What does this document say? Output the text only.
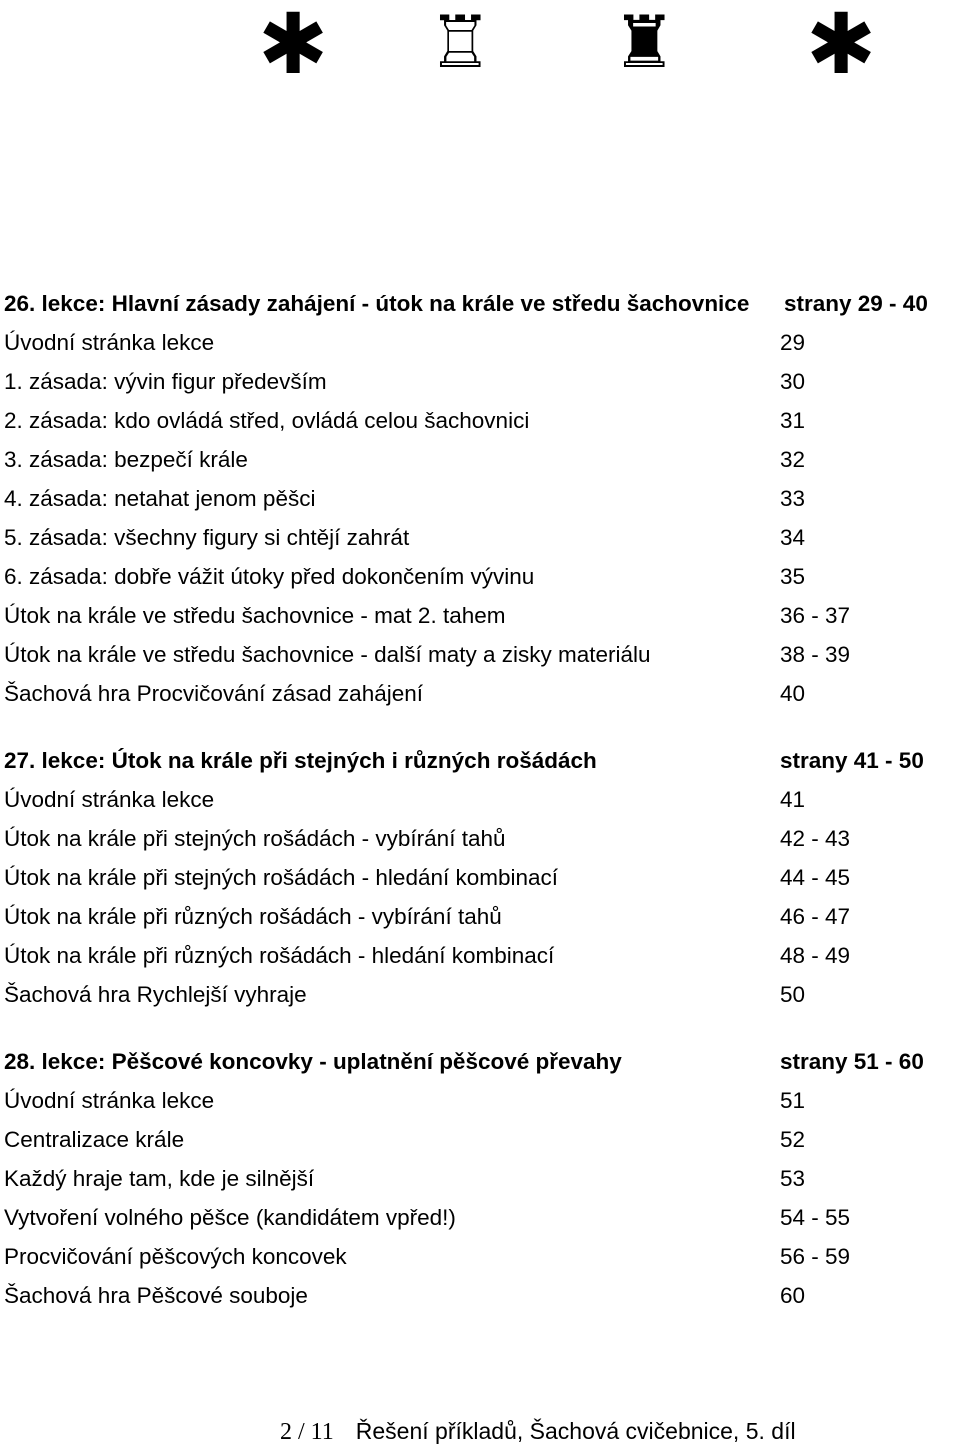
✱ ♖ ♜ ✱
26. lekce: Hlavní zásady zahájení - útok na krále ve středu šachovnice strany 29 - 40
Úvodní stránka lekce	29
1. zásada: vývin figur především	30
2. zásada: kdo ovládá střed, ovládá celou šachovnici	31
3. zásada: bezpečí krále	32
4. zásada: netahat jenom pěšci	33
5. zásada: všechny figury si chtějí zahrát	34
6. zásada: dobře vážit útoky před dokončením vývinu	35
Útok na krále ve středu šachovnice - mat 2. tahem	36 - 37
Útok na krále ve středu šachovnice - další maty a zisky materiálu	38 - 39
Šachová hra Procvičování zásad zahájení	40
27. lekce: Útok na krále při stejných i různých rošádách	strany 41 - 50
Úvodní stránka lekce	41
Útok na krále při stejných rošádách - vybírání tahů	42 - 43
Útok na krále při stejných rošádách - hledání kombinací	44 - 45
Útok na krále při různých rošádách - vybírání tahů	46 - 47
Útok na krále při různých rošádách - hledání kombinací	48 - 49
Šachová hra Rychlejší vyhraje	50
28. lekce: Pěšcové koncovky - uplatnění pěšcové převahy	strany 51 - 60
Úvodní stránka lekce	51
Centralizace krále	52
Každý hraje tam, kde je silnější	53
Vytvoření volného pěšce (kandidátem vpřed!)	54 - 55
Procvičování pěšcových koncovek	56 - 59
Šachová hra Pěšcové souboje	60
2 / 11 Řešení příkladů, Šachová cvičebnice, 5. díl
